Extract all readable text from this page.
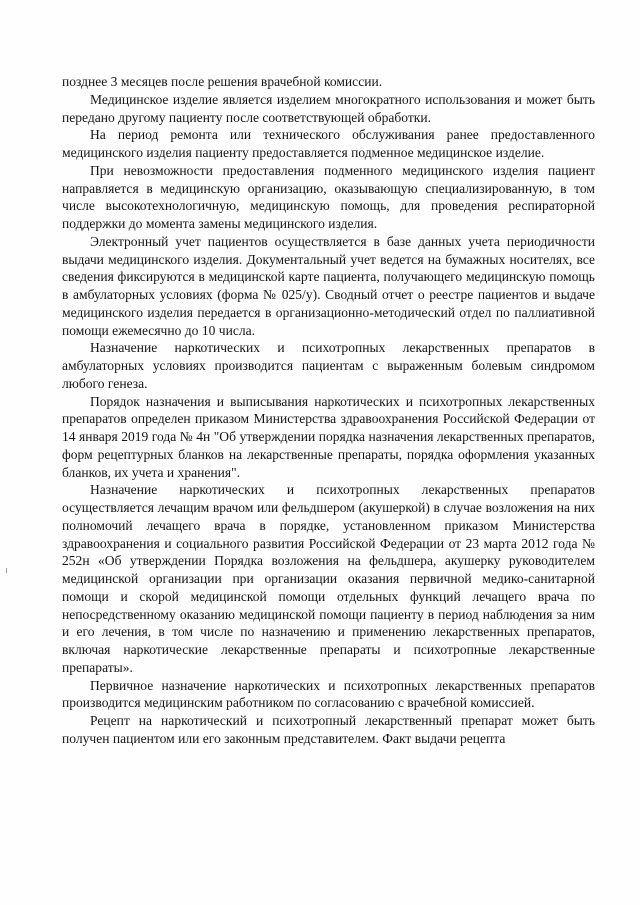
позднее 3 месяцев после решения врачебной комиссии.

Медицинское изделие является изделием многократного использования и может быть передано другому пациенту после соответствующей обработки.

На период ремонта или технического обслуживания ранее предоставленного медицинского изделия пациенту предоставляется подменное медицинское изделие.

При невозможности предоставления подменного медицинского изделия пациент направляется в медицинскую организацию, оказывающую специализированную, в том числе высокотехнологичную, медицинскую помощь, для проведения респираторной поддержки до момента замены медицинского изделия.

Электронный учет пациентов осуществляется в базе данных учета периодичности выдачи медицинского изделия. Документальный учет ведется на бумажных носителях, все сведения фиксируются в медицинской карте пациента, получающего медицинскую помощь в амбулаторных условиях (форма № 025/у). Сводный отчет о реестре пациентов и выдаче медицинского изделия передается в организационно-методический отдел по паллиативной помощи ежемесячно до 10 числа.

Назначение наркотических и психотропных лекарственных препаратов в амбулаторных условиях производится пациентам с выраженным болевым синдромом любого генеза.

Порядок назначения и выписывания наркотических и психотропных лекарственных препаратов определен приказом Министерства здравоохранения Российской Федерации от 14 января 2019 года № 4н "Об утверждении порядка назначения лекарственных препаратов, форм рецептурных бланков на лекарственные препараты, порядка оформления указанных бланков, их учета и хранения".

Назначение наркотических и психотропных лекарственных препаратов осуществляется лечащим врачом или фельдшером (акушеркой) в случае возложения на них полномочий лечащего врача в порядке, установленном приказом Министерства здравоохранения и социального развития Российской Федерации от 23 марта 2012 года № 252н «Об утверждении Порядка возложения на фельдшера, акушерку руководителем медицинской организации при организации оказания первичной медико-санитарной помощи и скорой медицинской помощи отдельных функций лечащего врача по непосредственному оказанию медицинской помощи пациенту в период наблюдения за ним и его лечения, в том числе по назначению и применению лекарственных препаратов, включая наркотические лекарственные препараты и психотропные лекарственные препараты».

Первичное назначение наркотических и психотропных лекарственных препаратов производится медицинским работником по согласованию с врачебной комиссией.

Рецепт на наркотический и психотропный лекарственный препарат может быть получен пациентом или его законным представителем. Факт выдачи рецепта
